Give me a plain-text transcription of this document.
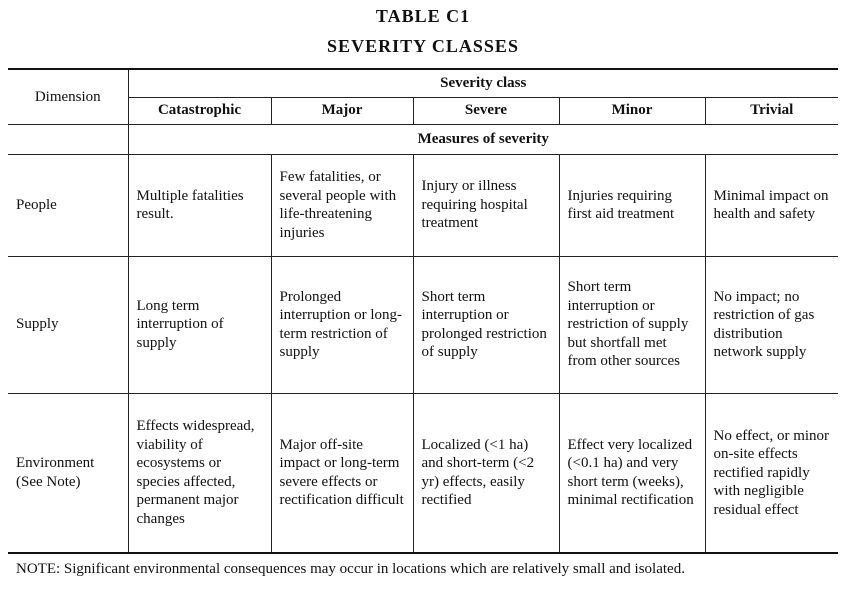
TABLE C1
SEVERITY CLASSES
Dimension	Severity class				
	Catastrophic	Major	Severe	Minor	Trivial
	Measures of severity				
People	Multiple fatalities result.	Few fatalities, or several people with life-threatening injuries	Injury or illness requiring hospital treatment	Injuries requiring first aid treatment	Minimal impact on health and safety
Supply	Long term interruption of supply	Prolonged interruption or long-term restriction of supply	Short term interruption or prolonged restriction of supply	Short term interruption or restriction of supply but shortfall met from other sources	No impact; no restriction of gas distribution network supply
Environment (See Note)	Effects widespread, viability of ecosystems or species affected, permanent major changes	Major off-site impact or long-term severe effects or rectification difficult	Localized (<1 ha) and short-term (<2 yr) effects, easily rectified	Effect very localized (<0.1 ha) and very short term (weeks), minimal rectification	No effect, or minor on-site effects rectified rapidly with negligible residual effect
NOTE: Significant environmental consequences may occur in locations which are relatively small and isolated.
